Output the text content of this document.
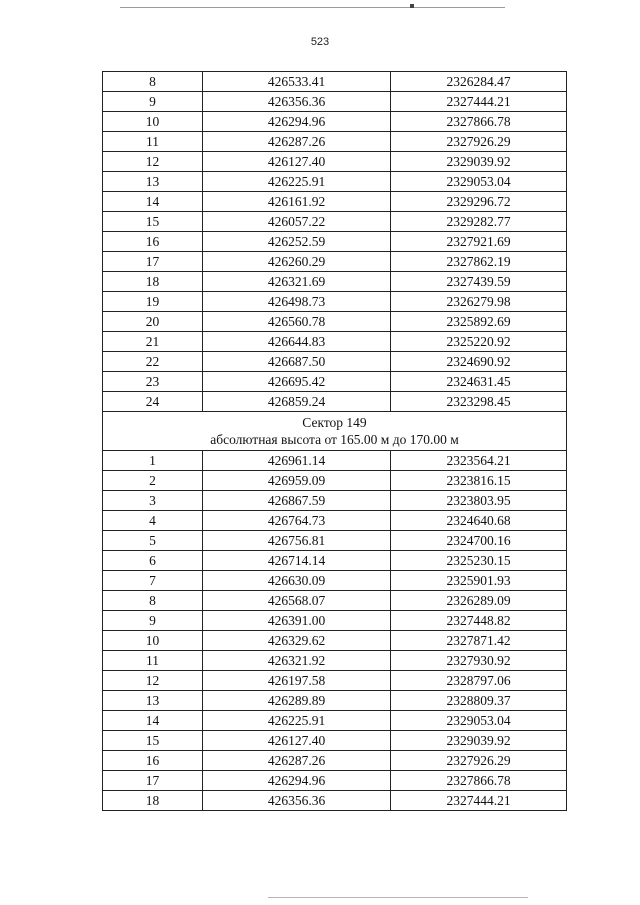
523
8	426533.41	2326284.47
9	426356.36	2327444.21
10	426294.96	2327866.78
11	426287.26	2327926.29
12	426127.40	2329039.92
13	426225.91	2329053.04
14	426161.92	2329296.72
15	426057.22	2329282.77
16	426252.59	2327921.69
17	426260.29	2327862.19
18	426321.69	2327439.59
19	426498.73	2326279.98
20	426560.78	2325892.69
21	426644.83	2325220.92
22	426687.50	2324690.92
23	426695.42	2324631.45
24	426859.24	2323298.45

Сектор 149
абсолютная высота от 165.00 м до 170.00 м		

1	426961.14	2323564.21
2	426959.09	2323816.15
3	426867.59	2323803.95
4	426764.73	2324640.68
5	426756.81	2324700.16
6	426714.14	2325230.15
7	426630.09	2325901.93
8	426568.07	2326289.09
9	426391.00	2327448.82
10	426329.62	2327871.42
11	426321.92	2327930.92
12	426197.58	2328797.06
13	426289.89	2328809.37
14	426225.91	2329053.04
15	426127.40	2329039.92
16	426287.26	2327926.29
17	426294.96	2327866.78
18	426356.36	2327444.21
